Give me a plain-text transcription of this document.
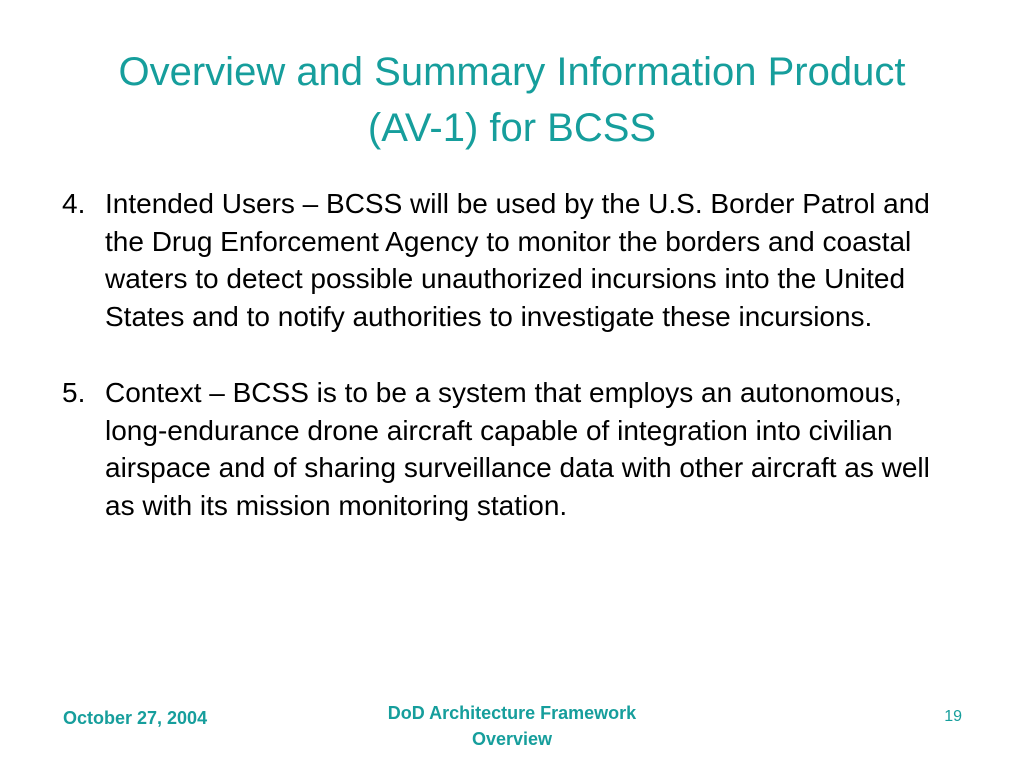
Overview and Summary Information Product
(AV-1) for BCSS
4. Intended Users – BCSS will be used by the U.S. Border Patrol and the Drug Enforcement Agency to monitor the borders and coastal waters to detect possible unauthorized incursions into the United States and to notify authorities to investigate these incursions.
5. Context – BCSS is to be a system that employs an autonomous, long-endurance drone aircraft capable of integration into civilian airspace and of sharing surveillance data with other aircraft as well as with its mission monitoring station.
October 27, 2004	DoD Architecture Framework
Overview
19
